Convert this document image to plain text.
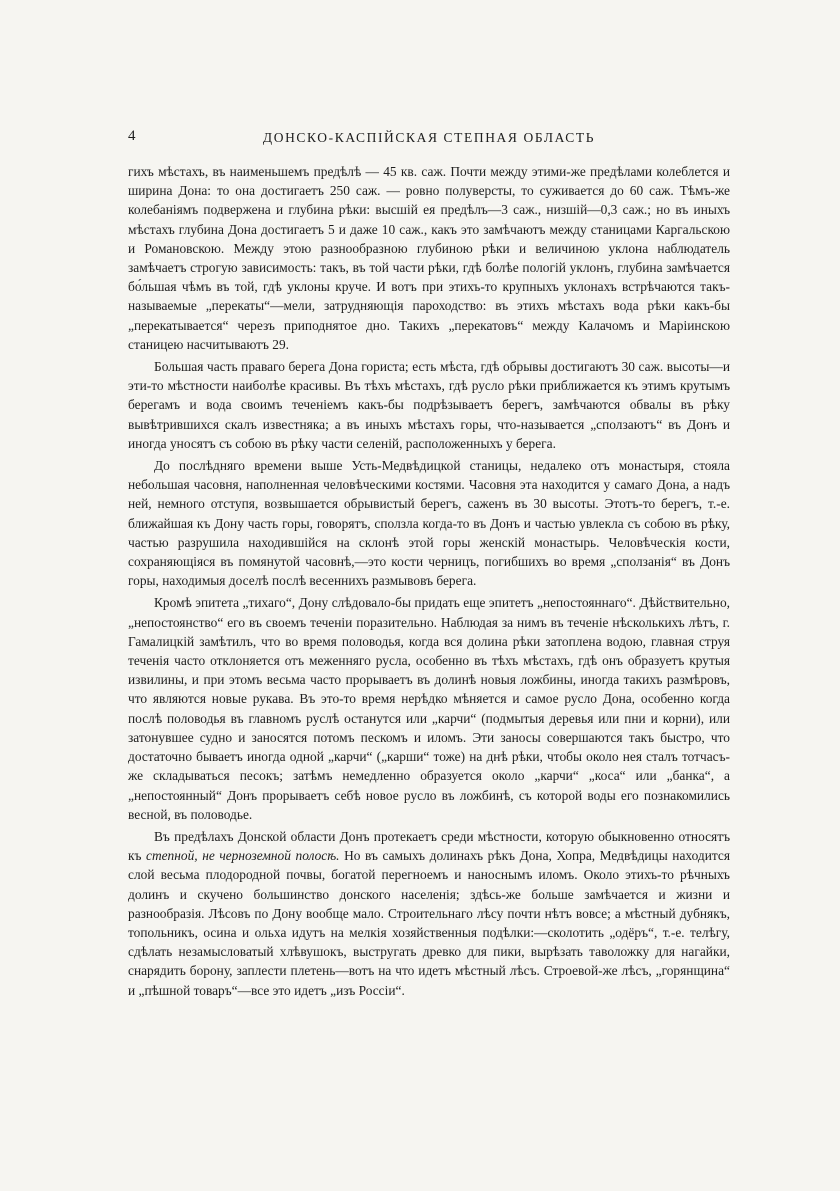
4	ДОНСКО-КАСПІЙСКАЯ СТЕПНАЯ ОБЛАСТЬ

гихъ мѣстахъ, въ наименьшемъ предѣлѣ — 45 кв. саж. Почти между этими-же предѣлами колеблется и ширина Дона: то она достигаетъ 250 саж. — ровно полуверсты, то суживается до 60 саж. Тѣмъ-же колебаніямъ подвержена и глубина рѣки: высшій ея предѣлъ—3 саж., низшій—0,3 саж.; но въ иныхъ мѣстахъ глубина Дона достигаетъ 5 и даже 10 саж., какъ это замѣчаютъ между станицами Каргальскою и Романовскою. Между этою разнообразною глубиною рѣки и величиною уклона наблюдатель замѣчаетъ строгую зависимость: такъ, въ той части рѣки, гдѣ болѣе пологій уклонъ, глубина замѣчается бо́льшая чѣмъ въ той, гдѣ уклоны круче. И вотъ при этихъ-то крупныхъ уклонахъ встрѣчаются такъ-называемые „перекаты“—мели, затрудняющія пароходство: въ этихъ мѣстахъ вода рѣки какъ-бы „перекатывается“ черезъ приподнятое дно. Такихъ „перекатовъ“ между Калачомъ и Маріинскою станицею насчитываютъ 29.

Большая часть праваго берега Дона гориста; есть мѣста, гдѣ обрывы достигаютъ 30 саж. высоты—и эти-то мѣстности наиболѣе красивы. Въ тѣхъ мѣстахъ, гдѣ русло рѣки приближается къ этимъ крутымъ берегамъ и вода своимъ теченіемъ какъ-бы подрѣзываетъ берегъ, замѣчаются обвалы въ рѣку вывѣтрившихся скалъ известняка; а въ иныхъ мѣстахъ горы, что-называется „сползаютъ“ въ Донъ и иногда уносятъ съ собою въ рѣку части селеній, расположенныхъ у берега.

До послѣдняго времени выше Усть-Медвѣдицкой станицы, недалеко отъ монастыря, стояла небольшая часовня, наполненная человѣческими костями. Часовня эта находится у самаго Дона, а надъ ней, немного отступя, возвышается обрывистый берегъ, саженъ въ 30 высоты. Этотъ-то берегъ, т.-е. ближайшая къ Дону часть горы, говорятъ, сползла когда-то въ Донъ и частью увлекла съ собою въ рѣку, частью разрушила находившійся на склонѣ этой горы женскій монастырь. Человѣческія кости, сохраняющіяся въ помянутой часовнѣ,—это кости черницъ, погибшихъ во время „сползанія“ въ Донъ горы, находимыя доселѣ послѣ весеннихъ размывовъ берега.

Кромѣ эпитета „тихаго“, Дону слѣдовало-бы придать еще эпитетъ „непостояннаго“. Дѣйствительно, „непостоянство“ его въ своемъ теченіи поразительно. Наблюдая за нимъ въ теченіе нѣсколькихъ лѣтъ, г. Гамалицкій замѣтилъ, что во время половодья, когда вся долина рѣки затоплена водою, главная струя теченія часто отклоняется отъ меженняго русла, особенно въ тѣхъ мѣстахъ, гдѣ онъ образуетъ крутыя извилины, и при этомъ весьма часто прорываетъ въ долинѣ новыя ложбины, иногда такихъ размѣровъ, что являются новые рукава. Въ это-то время нерѣдко мѣняется и самое русло Дона, особенно когда послѣ половодья въ главномъ руслѣ останутся или „карчи“ (подмытыя деревья или пни и корни), или затонувшее судно и заносятся потомъ пескомъ и иломъ. Эти заносы совершаются такъ быстро, что достаточно бываетъ иногда одной „карчи“ („карши“ тоже) на днѣ рѣки, чтобы около нея сталъ тотчасъ-же складываться песокъ; затѣмъ немедленно образуется около „карчи“ „коса“ или „банка“, а „непостоянный“ Донъ прорываетъ себѣ новое русло въ ложбинѣ, съ которой воды его познакомились весной, въ половодье.

Въ предѣлахъ Донской области Донъ протекаетъ среди мѣстности, которую обыкновенно относятъ къ степной, не черноземной полосѣ. Но въ самыхъ долинахъ рѣкъ Дона, Хопра, Медвѣдицы находится слой весьма плодородной почвы, богатой перегноемъ и наноснымъ иломъ. Около этихъ-то рѣчныхъ долинъ и скучено большинство донского населенія; здѣсь-же больше замѣчается и жизни и разнообразія. Лѣсовъ по Дону вообще мало. Строительнаго лѣсу почти нѣтъ вовсе; а мѣстный дубнякъ, топольникъ, осина и ольха идутъ на мелкія хозяйственныя подѣлки:—сколотить „одёръ“, т.-е. телѣгу, сдѣлать незамысловатый хлѣвушокъ, выстругать древко для пики, вырѣзать таволожку для нагайки, снарядить борону, заплести плетень—вотъ на что идетъ мѣстный лѣсъ. Строевой-же лѣсъ, „горянщина“ и „пѣшной товаръ“—все это идетъ „изъ Россіи“.
